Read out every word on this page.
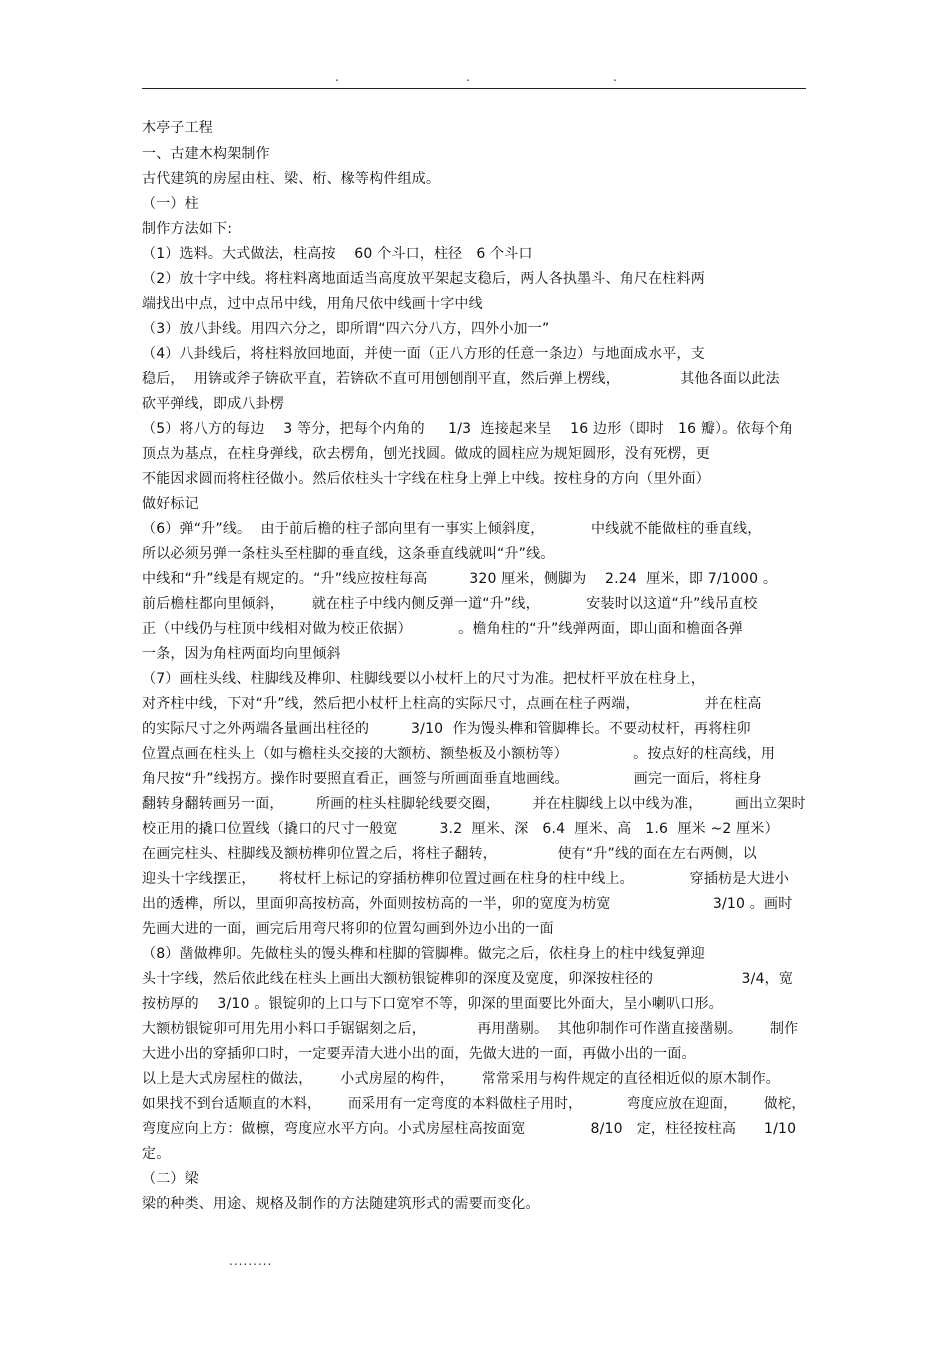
.	.	.
木亭子工程
一、古建木构架制作
古代建筑的房屋由柱、梁、桁、椽等构件组成。
（一）柱
制作方法如下:
（1）选料。大式做法，柱高按    60 个斗口，柱径   6 个斗口
（2）放十字中线。将柱料离地面适当高度放平架起支稳后，两人各执墨斗、角尺在柱料两
端找出中点，过中点吊中线，用角尺依中线画十字中线
（3）放八卦线。用四六分之，即所谓“四六分八方，四外小加一”
（4）八卦线后，将柱料放回地面，并使一面（正八方形的任意一条边）与地面成水平，支
稳后，  用锛或斧子锛砍平直，若锛砍不直可用刨刨削平直，然后弹上楞线，             其他各面以此法
砍平弹线，即成八卦楞
（5）将八方的每边    3 等分，把每个内角的     1/3  连接起来呈    16 边形（即时   16 瓣）。依每个角
顶点为基点，在柱身弹线，砍去楞角，刨光找圆。做成的圆柱应为规矩圆形，没有死楞，更
不能因求圆而将柱径做小。然后依柱头十字线在柱身上弹上中线。按柱身的方向（里外面）
做好标记
（6）弹“升”线。  由于前后檐的柱子部向里有一事实上倾斜度，          中线就不能做柱的垂直线，
所以必须另弹一条柱头至柱脚的垂直线，这条垂直线就叫“升”线。
中线和“升”线是有规定的。“升”线应按柱每高         320 厘米，侧脚为    2.24  厘米，即 7/1000 。
前后檐柱都向里倾斜，      就在柱子中线内侧反弹一道“升”线，          安装时以这道“升”线吊直校
正（中线仍与柱顶中线相对做为校正依据）          。檐角柱的“升”线弹两面，即山面和檐面各弹
一条，因为角柱两面均向里倾斜
（7）画柱头线、柱脚线及榫卯、柱脚线要以小杖杆上的尺寸为准。把杖杆平放在柱身上，
对齐柱中线，下对“升”线，然后把小杖杆上柱高的实际尺寸，点画在柱子两端，              并在柱高
的实际尺寸之外两端各量画出柱径的         3/10  作为馒头榫和管脚榫长。不要动杖杆，再将柱卯
位置点画在柱头上（如与檐柱头交接的大额枋、额垫板及小额枋等）              。按点好的柱高线，用
角尺按“升”线拐方。操作时要照直看正，画签与所画面垂直地画线。              画完一面后，将柱身
翻转身翻转画另一面，       所画的柱头柱脚轮线要交圈，       并在柱脚线上以中线为准，       画出立架时
校正用的撬口位置线（撬口的尺寸一般宽         3.2  厘米、深   6.4  厘米、高   1.6  厘米 ~2 厘米）
在画完柱头、柱脚线及额枋榫卯位置之后，将柱子翻转，             使有“升”线的面在左右两侧，以
迎头十字线摆正，     将杖杆上标记的穿插枋榫卯位置过画在柱身的柱中线上。            穿插枋是大进小
出的透榫，所以，里面卯高按枋高，外面则按枋高的一半，卯的宽度为枋宽                      3/10 。画时
先画大进的一面，画完后用弯尺将卯的位置勾画到外边小出的一面
（8）凿做榫卯。先做柱头的馒头榫和柱脚的管脚榫。做完之后，依柱身上的柱中线复弹迎
头十字线，然后依此线在柱头上画出大额枋银锭榫卯的深度及宽度，卯深按柱径的                   3/4，宽
按枋厚的    3/10 。银锭卯的上口与下口宽窄不等，卯深的里面要比外面大，呈小喇叭口形。
大额枋银锭卯可用先用小料口手锯锯刻之后，           再用凿剔。  其他卯制作可作凿直接凿剔。      制作
大进小出的穿插卯口时，一定要弄清大进小出的面，先做大进的一面，再做小出的一面。
以上是大式房屋柱的做法，      小式房屋的构件，      常常采用与构件规定的直径相近似的原木制作。
如果找不到台适顺直的木料，      而采用有一定弯度的本料做柱子用时，          弯度应放在迎面，      做柁，
弯度应向上方：做檩，弯度应水平方向。小式房屋柱高按面宽              8/10   定，柱径按柱高      1/10
定。
（二）梁
梁的种类、用途、规格及制作的方法随建筑形式的需要而变化。
.........
